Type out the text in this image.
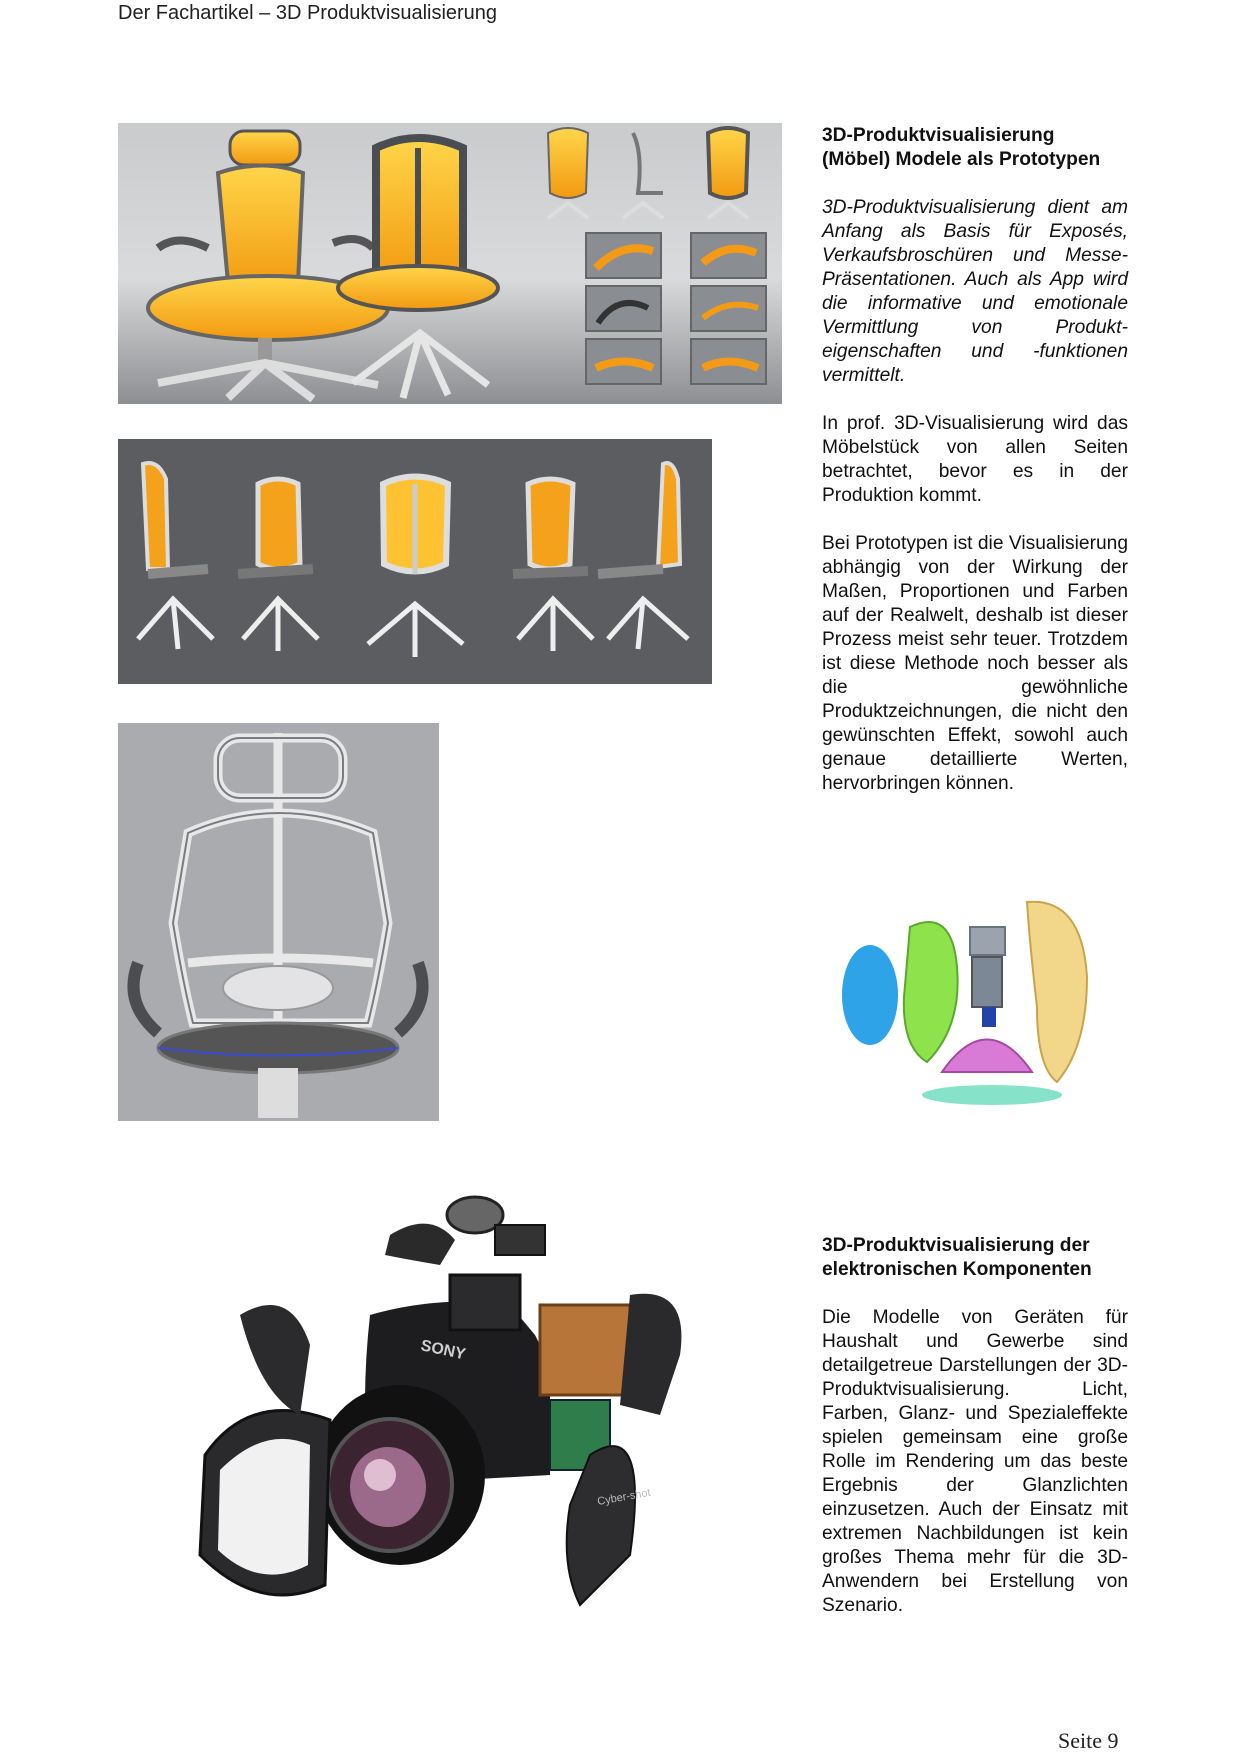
Der Fachartikel – 3D Produktvisualisierung
SONY
Cyber-shot
3D-Produktvisualisierung
(Möbel) Modele als Prototypen

3D-Produktvisualisierung dient am Anfang als Basis für Exposés, Verkaufsbroschüren und Messe-Präsentationen. Auch als App wird die informative und emotionale Vermittlung von Produkt-eigenschaften und -funktionen vermittelt.

In prof. 3D-Visualisierung wird das Möbelstück von allen Seiten betrachtet, bevor es in der Produktion kommt.

Bei Prototypen ist die Visualisierung abhängig von der Wirkung der Maßen, Proportionen und Farben auf der Realwelt, deshalb ist dieser Prozess meist sehr teuer. Trotzdem ist diese Methode noch besser als die gewöhnliche Produktzeichnungen, die nicht den gewünschten Effekt, sowohl auch genaue detaillierte Werten, hervorbringen können.

3D-Produktvisualisierung der
elektronischen Komponenten

Die Modelle von Geräten für Haushalt und Gewerbe sind detailgetreue Darstellungen der 3D-Produktvisualisierung. Licht, Farben, Glanz- und Spezialeffekte spielen gemeinsam eine große Rolle im Rendering um das beste Ergebnis der Glanzlichten einzusetzen. Auch der Einsatz mit extremen Nachbildungen ist kein großes Thema mehr für die 3D-Anwendern bei Erstellung von Szenario.

Seite 9
